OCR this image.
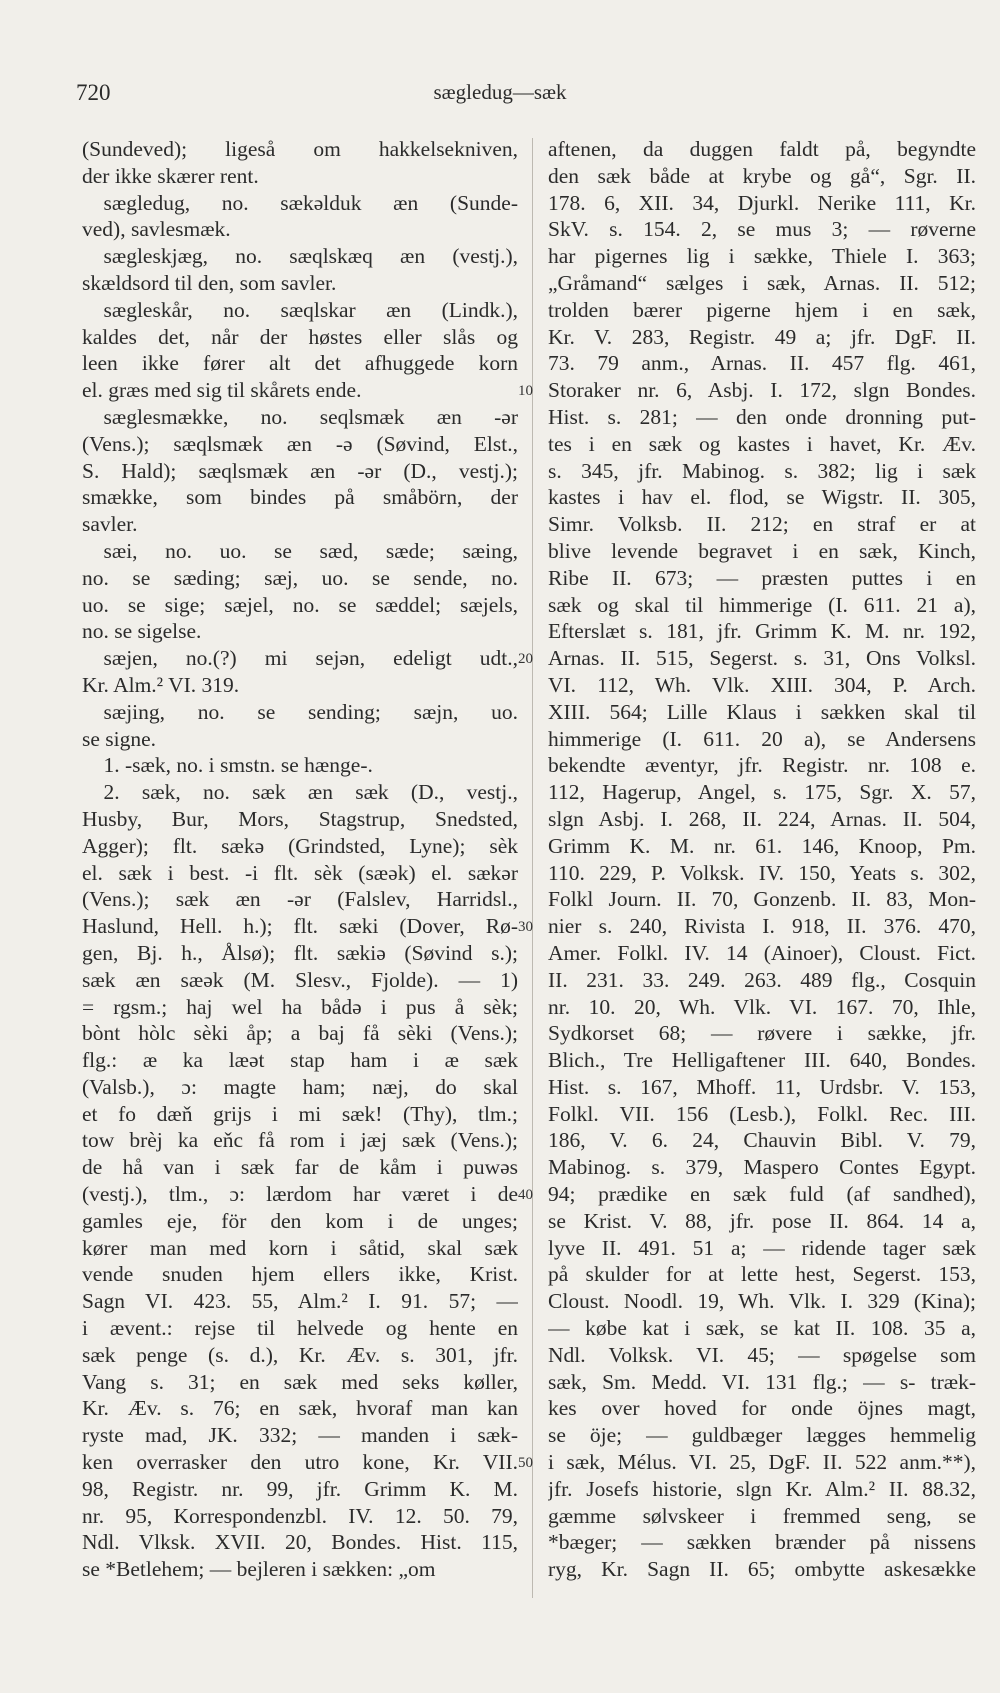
720	sægledug—sæk
(Sundeved); ligeså om hakkelsekniven,
der ikke skærer rent.
 sægledug, no. sækəlduk æn (Sunde-
ved), savlesmæk.
 sægleskjæg, no. sæqlskæq æn (vestj.),
skældsord til den, som savler.
 sægleskår, no. sæqlskar æn (Lindk.),
kaldes det, når der høstes eller slås og
leen ikke fører alt det afhuggede korn
el. græs med sig til skårets ende.
 sæglesmække, no. seqlsmæk æn -ər
(Vens.); sæqlsmæk æn -ə (Søvind, Elst.,
S. Hald); sæqlsmæk æn -ər (D., vestj.);
smække, som bindes på småbörn, der
savler.
 sæi, no. uo. se sæd, sæde; sæing,
no. se sæding; sæj, uo. se sende, no.
uo. se sige; sæjel, no. se sæddel; sæjels,
no. se sigelse.
 sæjen, no.(?) mi sejən, edeligt udt.,
Kr. Alm.² VI. 319.
 sæjing, no. se sending; sæjn, uo.
se signe.
 1. -sæk, no. i smstn. se hænge-.
 2. sæk, no. sæk æn sæk (D., vestj.,
Husby, Bur, Mors, Stagstrup, Snedsted,
Agger); flt. sækə (Grindsted, Lyne); sèk
el. sæk i best. -i flt. sèk (sæək) el. sækər
(Vens.); sæk æn -ər (Falslev, Harridsl.,
Haslund, Hell. h.); flt. sæki (Dover, Rø-
gen, Bj. h., Ålsø); flt. sækiə (Søvind s.);
sæk æn sæək (M. Slesv., Fjolde). — 1)
= rgsm.; haj wel ha bådə i pus å sèk;
bònt hòlc sèki åp; a baj få sèki (Vens.);
flg.: æ ka læət stap ham i æ sæk
(Valsb.), ɔ: magte ham; næj, do skal
et fo dæň grijs i mi sæk! (Thy), tlm.;
tow brèj ka eňc få rom i jæj sæk (Vens.);
de hå van i sæk far de kåm i puwəs
(vestj.), tlm., ɔ: lærdom har været i de
gamles eje, för den kom i de unges;
kører man med korn i såtid, skal sæk
vende snuden hjem ellers ikke, Krist.
Sagn VI. 423. 55, Alm.² I. 91. 57; —
i ævent.: rejse til helvede og hente en
sæk penge (s. d.), Kr. Æv. s. 301, jfr.
Vang s. 31; en sæk med seks køller,
Kr. Æv. s. 76; en sæk, hvoraf man kan
ryste mad, JK. 332; — manden i sæk-
ken overrasker den utro kone, Kr. VII.
98, Registr. nr. 99, jfr. Grimm K. M.
nr. 95, Korrespondenzbl. IV. 12. 50. 79,
Ndl. Vlksk. XVII. 20, Bondes. Hist. 115,
se *Betlehem; — bejleren i sækken: „om
aftenen, da duggen faldt på, begyndte
den sæk både at krybe og gå“, Sgr. II.
178. 6, XII. 34, Djurkl. Nerike 111, Kr.
SkV. s. 154. 2, se mus 3; — røverne
har pigernes lig i sække, Thiele I. 363;
„Gråmand“ sælges i sæk, Arnas. II. 512;
trolden bærer pigerne hjem i en sæk,
Kr. V. 283, Registr. 49 a; jfr. DgF. II.
73. 79 anm., Arnas. II. 457 flg. 461,
Storaker nr. 6, Asbj. I. 172, slgn Bondes.
Hist. s. 281; — den onde dronning put-
tes i en sæk og kastes i havet, Kr. Æv.
s. 345, jfr. Mabinog. s. 382; lig i sæk
kastes i hav el. flod, se Wigstr. II. 305,
Simr. Volksb. II. 212; en straf er at
blive levende begravet i en sæk, Kinch,
Ribe II. 673; — præsten puttes i en
sæk og skal til himmerige (I. 611. 21 a),
Efterslæt s. 181, jfr. Grimm K. M. nr. 192,
Arnas. II. 515, Segerst. s. 31, Ons Volksl.
VI. 112, Wh. Vlk. XIII. 304, P. Arch.
XIII. 564; Lille Klaus i sækken skal til
himmerige (I. 611. 20 a), se Andersens
bekendte æventyr, jfr. Registr. nr. 108 e.
112, Hagerup, Angel, s. 175, Sgr. X. 57,
slgn Asbj. I. 268, II. 224, Arnas. II. 504,
Grimm K. M. nr. 61. 146, Knoop, Pm.
110. 229, P. Volksk. IV. 150, Yeats s. 302,
Folkl Journ. II. 70, Gonzenb. II. 83, Mon-
nier s. 240, Rivista I. 918, II. 376. 470,
Amer. Folkl. IV. 14 (Ainoer), Cloust. Fict.
II. 231. 33. 249. 263. 489 flg., Cosquin
nr. 10. 20, Wh. Vlk. VI. 167. 70, Ihle,
Sydkorset 68; — røvere i sække, jfr.
Blich., Tre Helligaftener III. 640, Bondes.
Hist. s. 167, Mhoff. 11, Urdsbr. V. 153,
Folkl. VII. 156 (Lesb.), Folkl. Rec. III.
186, V. 6. 24, Chauvin Bibl. V. 79,
Mabinog. s. 379, Maspero Contes Egypt.
94; prædike en sæk fuld (af sandhed),
se Krist. V. 88, jfr. pose II. 864. 14 a,
lyve II. 491. 51 a; — ridende tager sæk
på skulder for at lette hest, Segerst. 153,
Cloust. Noodl. 19, Wh. Vlk. I. 329 (Kina);
— købe kat i sæk, se kat II. 108. 35 a,
Ndl. Volksk. VI. 45; — spøgelse som
sæk, Sm. Medd. VI. 131 flg.; — s- træk-
kes over hoved for onde öjnes magt,
se öje; — guldbæger lægges hemmelig
i sæk, Mélus. VI. 25, DgF. II. 522 anm.**),
jfr. Josefs historie, slgn Kr. Alm.² II. 88.32,
gæmme sølvskeer i fremmed seng, se
*bæger; — sækken brænder på nissens
ryg, Kr. Sagn II. 65; ombytte askesække
10
20
30
40
50
